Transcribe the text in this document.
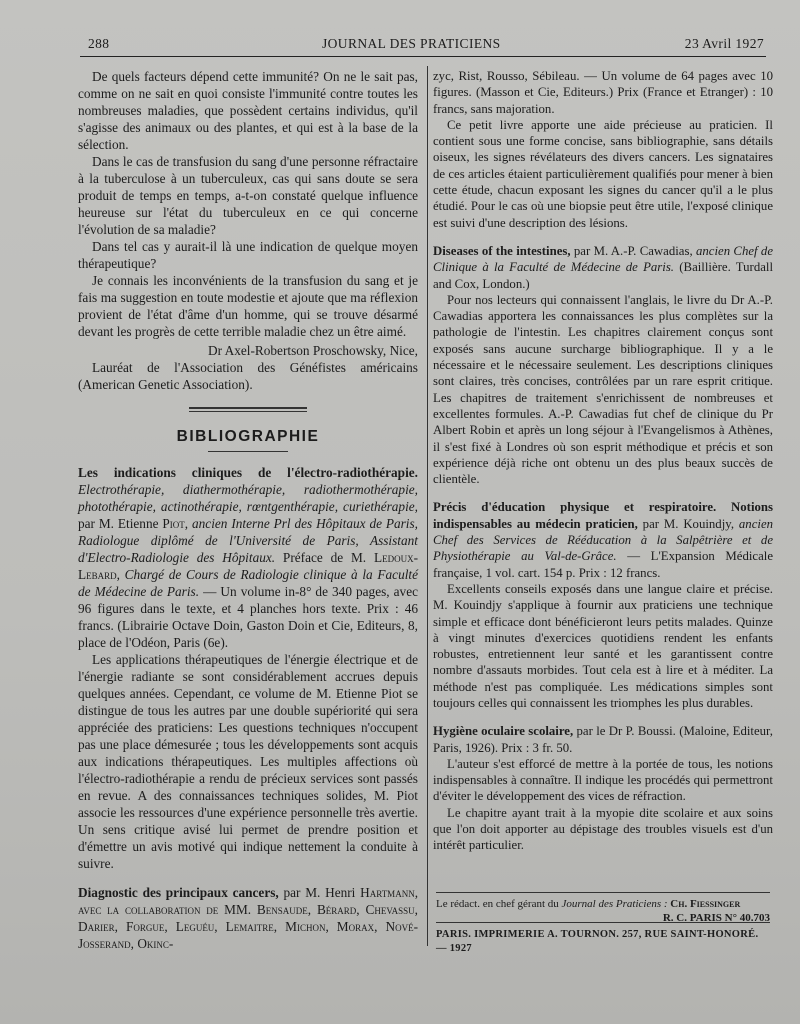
288	JOURNAL DES PRATICIENS	23 Avril 1927

De quels facteurs dépend cette immunité? On ne le sait pas, comme on ne sait en quoi consiste l'immunité contre toutes les nombreuses maladies, que possèdent certains individus, qu'il s'agisse des animaux ou des plantes, et qui est à la base de la sélection.

Dans le cas de transfusion du sang d'une personne réfractaire à la tuberculose à un tuberculeux, cas qui sans doute se sera produit de temps en temps, a-t-on constaté quelque influence heureuse sur l'état du tuberculeux en ce qui concerne l'évolution de sa maladie?

Dans tel cas y aurait-il là une indication de quelque moyen thérapeutique?

Je connais les inconvénients de la transfusion du sang et je fais ma suggestion en toute modestie et ajoute que ma réflexion provient de l'état d'âme d'un homme, qui se trouve désarmé devant les progrès de cette terrible maladie chez un être aimé.

Dr Axel-Robertson Proschowsky, Nice,

Lauréat de l'Association des Généfistes américains (American Genetic Association).

BIBLIOGRAPHIE

Les indications cliniques de l'électro-radiothérapie. Electrothérapie, diathermothérapie, radiothermothérapie, photothérapie, actinothérapie, rœntgenthérapie, curiethérapie, par M. Etienne Piot, ancien Interne Prl des Hôpitaux de Paris, Radiologue diplômé de l'Université de Paris, Assistant d'Electro-Radiologie des Hôpitaux. Préface de M. Ledoux-Lebard, Chargé de Cours de Radiologie clinique à la Faculté de Médecine de Paris. — Un volume in-8° de 340 pages, avec 96 figures dans le texte, et 4 planches hors texte. Prix : 46 francs. (Librairie Octave Doin, Gaston Doin et Cie, Editeurs, 8, place de l'Odéon, Paris (6e).

Les applications thérapeutiques de l'énergie électrique et de l'énergie radiante se sont considérablement accrues depuis quelques années. Cependant, ce volume de M. Etienne Piot se distingue de tous les autres par une double supériorité qui sera appréciée des praticiens: Les questions techniques n'occupent pas une place démesurée ; tous les développements sont acquis aux indications thérapeutiques. Les multiples affections où l'électro-radiothérapie a rendu de précieux services sont passés en revue. A des connaissances techniques solides, M. Piot associe les ressources d'une expérience personnelle très avertie. Un sens critique avisé lui permet de prendre position et d'émettre un avis motivé qui indique nettement la conduite à suivre.

Diagnostic des principaux cancers, par M. Henri Hartmann, avec la collaboration de MM. Bensaude, Bérard, Chevassu, Darier, Forgue, Leguéu, Lemaitre, Michon, Morax, Nové-Josserand, Okinc-

zyc, Rist, Rousso, Sébileau. — Un volume de 64 pages avec 10 figures. (Masson et Cie, Editeurs.) Prix (France et Etranger) : 10 francs, sans majoration.

Ce petit livre apporte une aide précieuse au praticien. Il contient sous une forme concise, sans bibliographie, sans détails oiseux, les signes révélateurs des divers cancers. Les signataires de ces articles étaient particulièrement qualifiés pour mener à bien cette étude, chacun exposant les signes du cancer qu'il a le plus étudié. Pour le cas où une biopsie peut être utile, l'exposé clinique est suivi d'une description des lésions.

Diseases of the intestines, par M. A.-P. Cawadias, ancien Chef de Clinique à la Faculté de Médecine de Paris. (Baillière. Turdall and Cox, London.)

Pour nos lecteurs qui connaissent l'anglais, le livre du Dr A.-P. Cawadias apportera les connaissances les plus complètes sur la pathologie de l'intestin. Les chapitres clairement conçus sont exposés sans aucune surcharge bibliographique. Il y a le nécessaire et le nécessaire seulement. Les descriptions cliniques sont claires, très concises, contrôlées par un rare esprit critique. Les chapitres de traitement s'enrichissent de nombreuses et excellentes formules. A.-P. Cawadias fut chef de clinique du Pr Albert Robin et après un long séjour à l'Evangelismos à Athènes, il s'est fixé à Londres où son esprit méthodique et précis et son expérience déjà riche ont obtenu un des plus beaux succès de clientèle.

Précis d'éducation physique et respiratoire. Notions indispensables au médecin praticien, par M. Kouindjy, ancien Chef des Services de Rééducation à la Salpêtrière et de Physiothérapie au Val-de-Grâce. — L'Expansion Médicale française, 1 vol. cart. 154 p. Prix : 12 francs.

Excellents conseils exposés dans une langue claire et précise. M. Kouindjy s'applique à fournir aux praticiens une technique simple et efficace dont bénéficieront leurs petits malades. Quinze à vingt minutes d'exercices quotidiens rendent les enfants robustes, entretiennent leur santé et les garantissent contre nombre d'assauts morbides. Tout cela est à lire et à méditer. La méthode n'est pas compliquée. Les médications simples sont toujours celles qui connaissent les triomphes les plus durables.

Hygiène oculaire scolaire, par le Dr P. Boussi. (Maloine, Editeur, Paris, 1926). Prix : 3 fr. 50.

L'auteur s'est efforcé de mettre à la portée de tous, les notions indispensables à connaître. Il indique les procédés qui permettront d'éviter le développement des vices de réfraction.

Le chapitre ayant trait à la myopie dite scolaire et aux soins que l'on doit apporter au dépistage des troubles visuels est d'un intérêt particulier.

Le rédact. en chef gérant du Journal des Praticiens : Ch. Fiessinger
R. C. PARIS N° 40.703
PARIS. IMPRIMERIE A. TOURNON. 257, RUE SAINT-HONORÉ. — 1927
